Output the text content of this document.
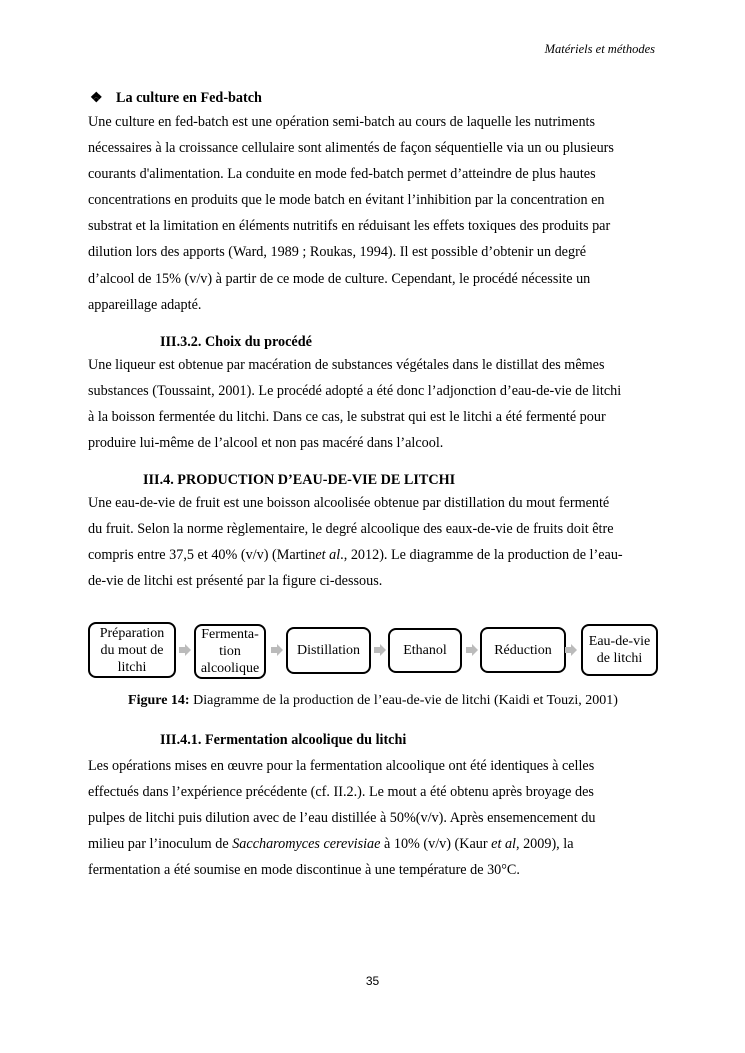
Matériels et méthodes
❖ La culture en Fed-batch

Une culture en fed-batch est une opération semi-batch au cours de laquelle les nutriments

nécessaires à la croissance cellulaire sont alimentés de façon séquentielle via un ou plusieurs

courants d'alimentation. La conduite en mode fed-batch permet d’atteindre de plus hautes

concentrations en produits que le mode batch en évitant l’inhibition par la concentration en

substrat et la limitation en éléments nutritifs en réduisant les effets toxiques des produits par

dilution lors des apports (Ward, 1989 ; Roukas, 1994). Il est possible d’obtenir un degré

d’alcool de 15% (v/v) à partir de ce mode de culture. Cependant, le procédé nécessite un

appareillage adapté.

III.3.2. Choix du procédé

Une liqueur est obtenue par macération de substances végétales dans le distillat des mêmes

substances (Toussaint, 2001). Le procédé adopté a été donc l’adjonction d’eau-de-vie de litchi

à la boisson fermentée du litchi. Dans ce cas, le substrat qui est le litchi a été fermenté pour

produire lui-même de l’alcool et non pas macéré dans l’alcool.

III.4. PRODUCTION D’EAU-DE-VIE DE LITCHI

Une eau-de-vie de fruit est une boisson alcoolisée obtenue par distillation du mout fermenté

du fruit. Selon la norme règlementaire, le degré alcoolique des eaux-de-vie de fruits doit être

compris entre 37,5 et 40% (v/v) (Martinet al., 2012). Le diagramme de la production de l’eau-

de-vie de litchi est présenté par la figure ci-dessous.

Préparation du mout de litchi
Fermenta- tion alcoolique
Distillation	Ethanol	Réduction
Eau-de-vie de litchi
Figure 14: Diagramme de la production de l’eau-de-vie de litchi (Kaidi et Touzi, 2001)
III.4.1. Fermentation alcoolique du litchi

Les opérations mises en œuvre pour la fermentation alcoolique ont été identiques à celles

effectués dans l’expérience précédente (cf. II.2.). Le mout a été obtenu après broyage des

pulpes de litchi puis dilution avec de l’eau distillée à 50%(v/v). Après ensemencement du

milieu par l’inoculum de Saccharomyces cerevisiae à 10% (v/v) (Kaur et al, 2009), la

fermentation a été soumise en mode discontinue à une température de 30°C.

35
